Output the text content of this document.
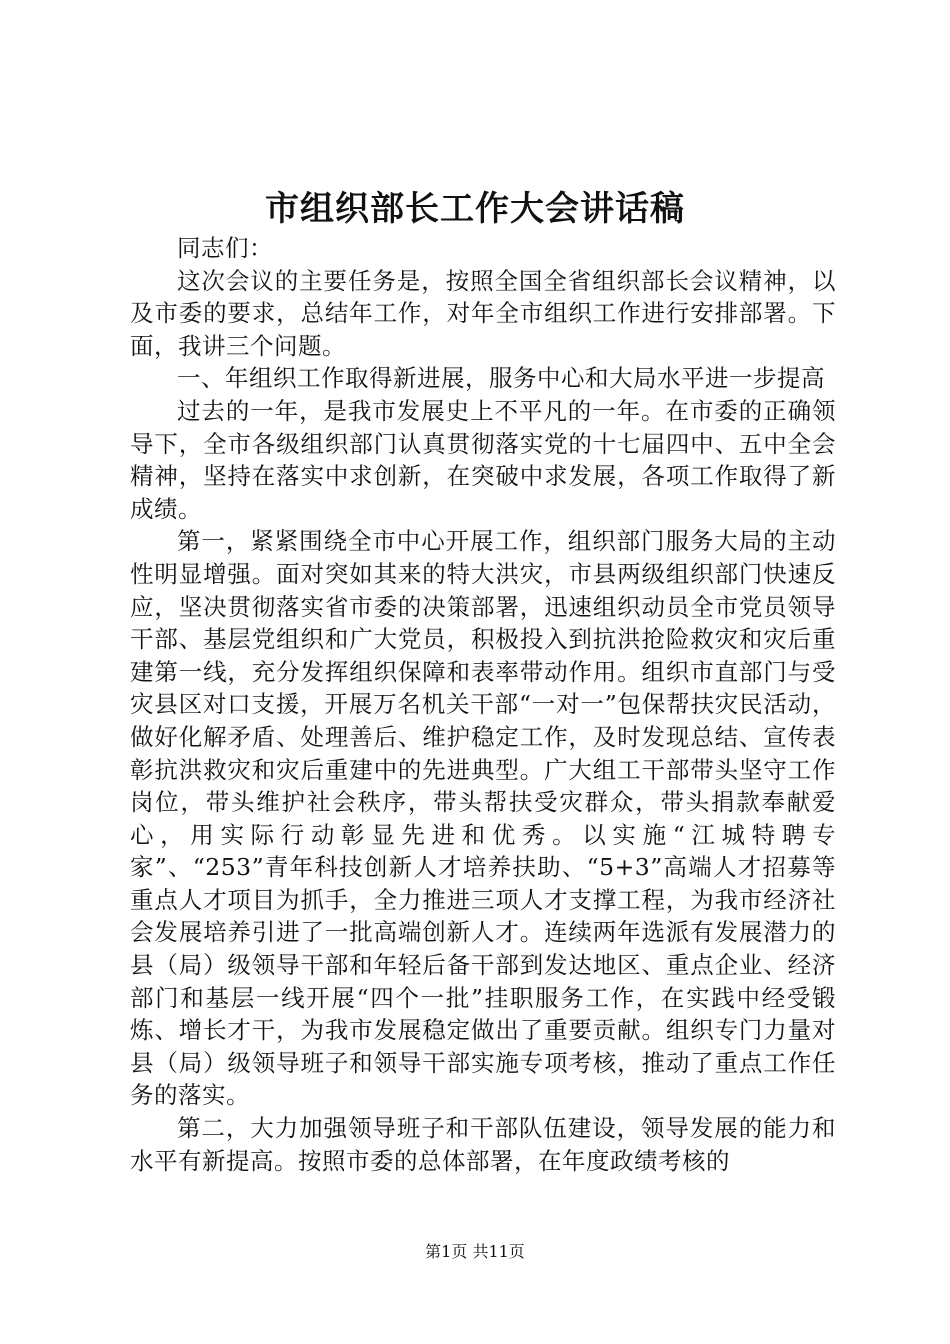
市组织部长工作大会讲话稿

同志们：

这次会议的主要任务是，按照全国全省组织部长会议精神，以及市委的要求，总结年工作，对年全市组织工作进行安排部署。下面，我讲三个问题。

一、年组织工作取得新进展，服务中心和大局水平进一步提高

过去的一年，是我市发展史上不平凡的一年。在市委的正确领导下，全市各级组织部门认真贯彻落实党的十七届四中、五中全会精神，坚持在落实中求创新，在突破中求发展，各项工作取得了新成绩。

第一，紧紧围绕全市中心开展工作，组织部门服务大局的主动性明显增强。面对突如其来的特大洪灾，市县两级组织部门快速反应，坚决贯彻落实省市委的决策部署，迅速组织动员全市党员领导干部、基层党组织和广大党员，积极投入到抗洪抢险救灾和灾后重建第一线，充分发挥组织保障和表率带动作用。组织市直部门与受灾县区对口支援，开展万名机关干部“一对一”包保帮扶灾民活动，做好化解矛盾、处理善后、维护稳定工作，及时发现总结、宣传表彰抗洪救灾和灾后重建中的先进典型。广大组工干部带头坚守工作岗位，带头维护社会秩序，带头帮扶受灾群众，带头捐款奉献爱心，用实际行动彰显先进和优秀。以实施“江城特聘专家”、“253”青年科技创新人才培养扶助、“5+3”高端人才招募等重点人才项目为抓手，全力推进三项人才支撑工程，为我市经济社会发展培养引进了一批高端创新人才。连续两年选派有发展潜力的县（局）级领导干部和年轻后备干部到发达地区、重点企业、经济部门和基层一线开展“四个一批”挂职服务工作，在实践中经受锻炼、增长才干，为我市发展稳定做出了重要贡献。组织专门力量对县（局）级领导班子和领导干部实施专项考核，推动了重点工作任务的落实。

第二，大力加强领导班子和干部队伍建设，领导发展的能力和水平有新提高。按照市委的总体部署，在年度政绩考核的

第1页 共11页
